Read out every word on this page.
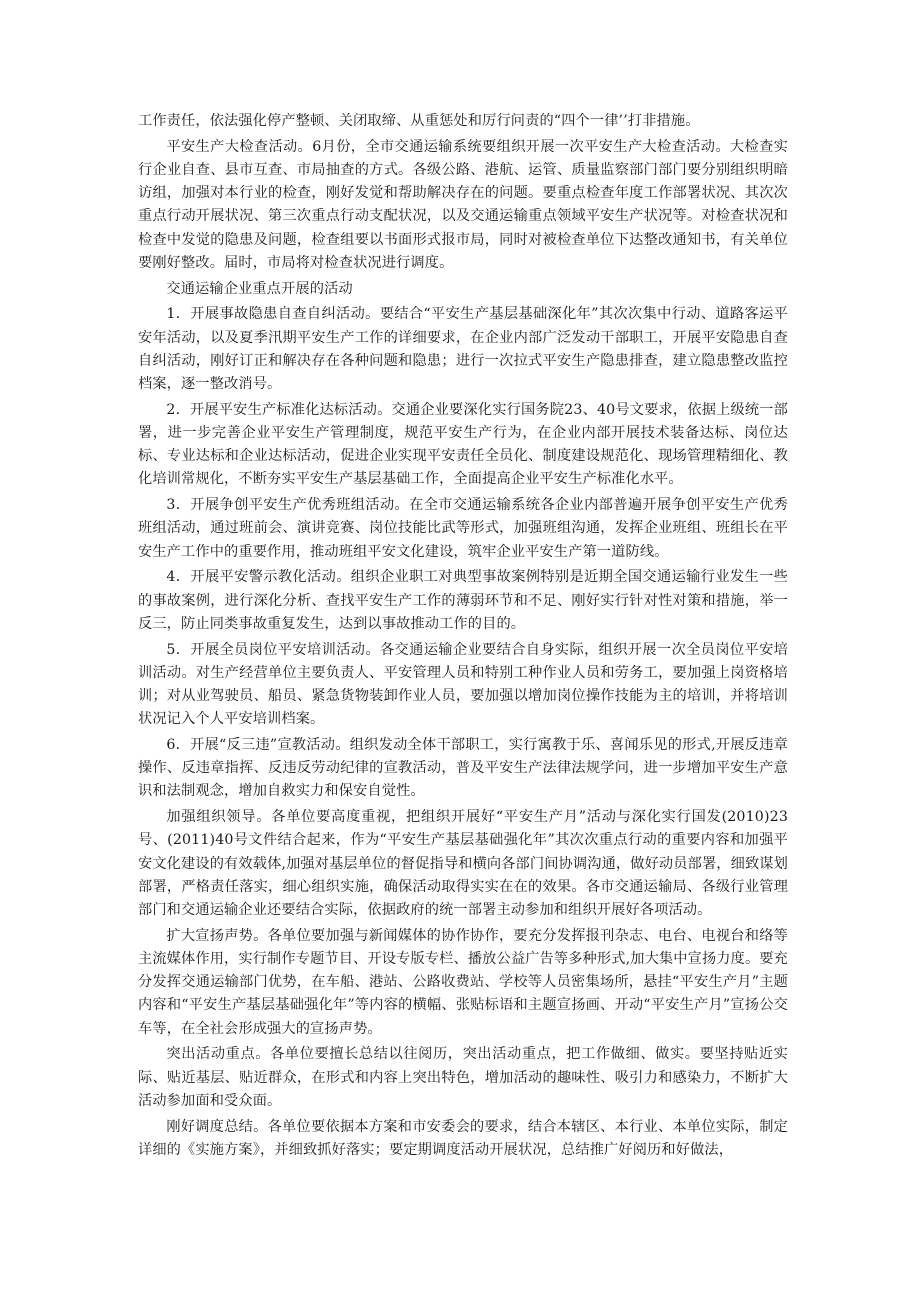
工作责任，依法强化停产整顿、关闭取缔、从重惩处和厉行问责的“四个一律’’打非措施。

平安生产大检查活动。6月份，全市交通运输系统要组织开展一次平安生产大检查活动。大检查实行企业自查、县市互查、市局抽查的方式。各级公路、港航、运管、质量监察部门部门要分别组织明暗访组，加强对本行业的检查，刚好发觉和帮助解决存在的问题。要重点检查年度工作部署状况、其次次重点行动开展状况、第三次重点行动支配状况，以及交通运输重点领域平安生产状况等。对检查状况和检查中发觉的隐患及问题，检查组要以书面形式报市局，同时对被检查单位下达整改通知书，有关单位要刚好整改。届时，市局将对检查状况进行调度。

交通运输企业重点开展的活动

1．开展事故隐患自查自纠活动。要结合“平安生产基层基础深化年”其次次集中行动、道路客运平安年活动，以及夏季汛期平安生产工作的详细要求，在企业内部广泛发动干部职工，开展平安隐患自查自纠活动，刚好订正和解决存在各种问题和隐患；进行一次拉式平安生产隐患排查，建立隐患整改监控档案，逐一整改消号。

2．开展平安生产标准化达标活动。交通企业要深化实行国务院23、40号文要求，依据上级统一部署，进一步完善企业平安生产管理制度，规范平安生产行为，在企业内部开展技术装备达标、岗位达标、专业达标和企业达标活动，促进企业实现平安责任全员化、制度建设规范化、现场管理精细化、教化培训常规化，不断夯实平安生产基层基础工作，全面提高企业平安生产标准化水平。

3．开展争创平安生产优秀班组活动。在全市交通运输系统各企业内部普遍开展争创平安生产优秀班组活动，通过班前会、演讲竞赛、岗位技能比武等形式，加强班组沟通，发挥企业班组、班组长在平安生产工作中的重要作用，推动班组平安文化建设，筑牢企业平安生产第一道防线。

4．开展平安警示教化活动。组织企业职工对典型事故案例特别是近期全国交通运输行业发生一些的事故案例，进行深化分析、查找平安生产工作的薄弱环节和不足、刚好实行针对性对策和措施，举一反三，防止同类事故重复发生，达到以事故推动工作的目的。

5．开展全员岗位平安培训活动。各交通运输企业要结合自身实际，组织开展一次全员岗位平安培训活动。对生产经营单位主要负责人、平安管理人员和特别工种作业人员和劳务工，要加强上岗资格培训；对从业驾驶员、船员、紧急货物装卸作业人员，要加强以增加岗位操作技能为主的培训，并将培训状况记入个人平安培训档案。

6．开展“反三违”宣教活动。组织发动全体干部职工，实行寓教于乐、喜闻乐见的形式,开展反违章操作、反违章指挥、反违反劳动纪律的宣教活动，普及平安生产法律法规学问，进一步增加平安生产意识和法制观念，增加自救实力和保安自觉性。

加强组织领导。各单位要高度重视，把组织开展好“平安生产月”活动与深化实行国发(2010)23号、(2011)40号文件结合起来，作为“平安生产基层基础强化年”其次次重点行动的重要内容和加强平安文化建设的有效载体,加强对基层单位的督促指导和横向各部门间协调沟通，做好动员部署，细致谋划部署，严格责任落实，细心组织实施，确保活动取得实实在在的效果。各市交通运输局、各级行业管理部门和交通运输企业还要结合实际，依据政府的统一部署主动参加和组织开展好各项活动。

扩大宣扬声势。各单位要加强与新闻媒体的协作协作，要充分发挥报刊杂志、电台、电视台和络等主流媒体作用，实行制作专题节目、开设专版专栏、播放公益广告等多种形式,加大集中宣扬力度。要充分发挥交通运输部门优势，在车船、港站、公路收费站、学校等人员密集场所，悬挂“平安生产月”主题内容和“平安生产基层基础强化年”等内容的横幅、张贴标语和主题宣扬画、开动“平安生产月”宣扬公交车等，在全社会形成强大的宣扬声势。

突出活动重点。各单位要擅长总结以往阅历，突出活动重点，把工作做细、做实。要坚持贴近实际、贴近基层、贴近群众，在形式和内容上突出特色，增加活动的趣味性、吸引力和感染力，不断扩大活动参加面和受众面。

刚好调度总结。各单位要依据本方案和市安委会的要求，结合本辖区、本行业、本单位实际，制定详细的《实施方案》，并细致抓好落实；要定期调度活动开展状况，总结推广好阅历和好做法，
